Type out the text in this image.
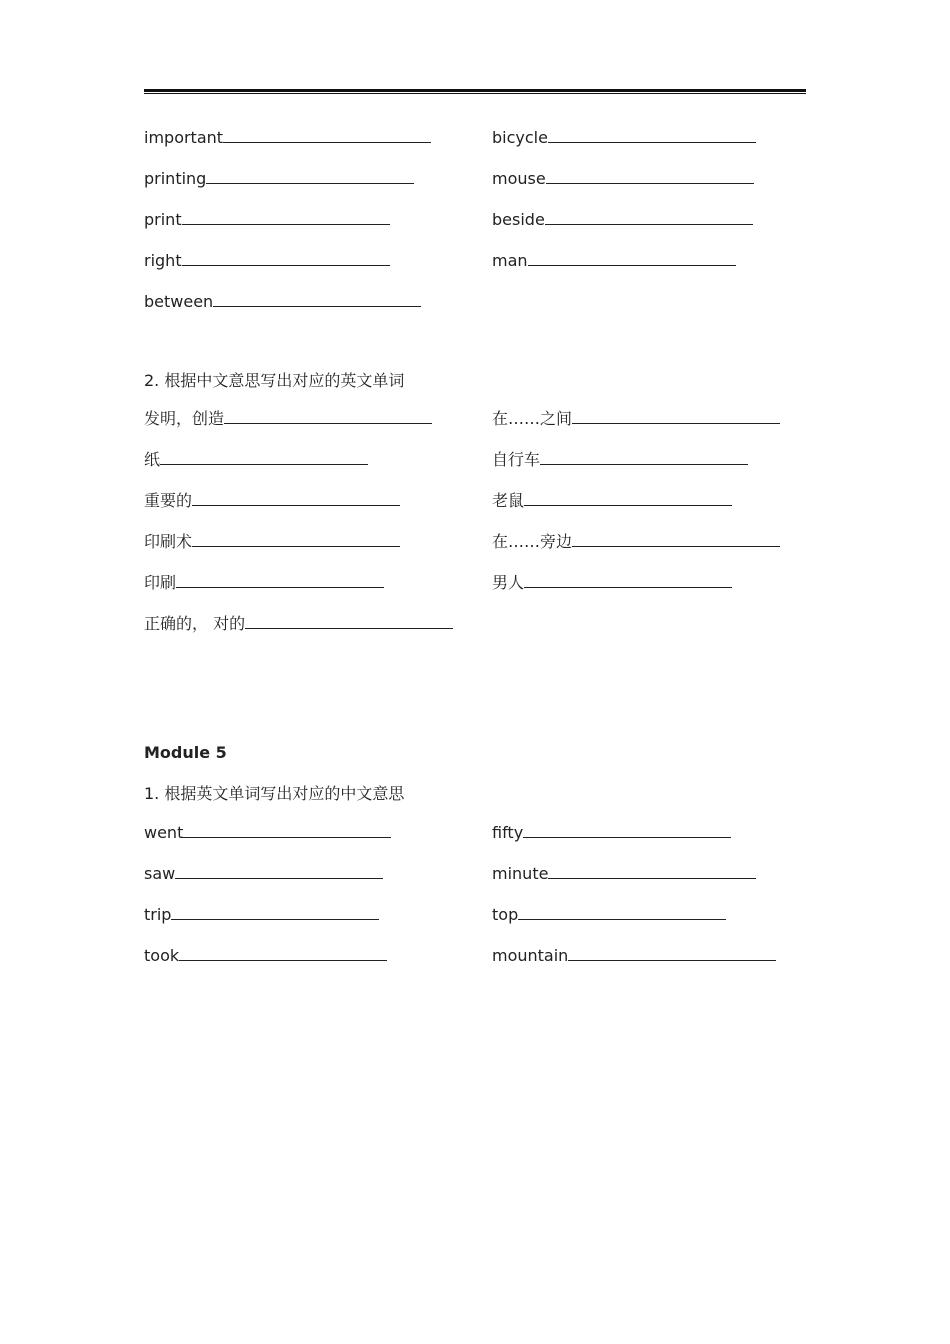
important
printing
print
right
between
bicycle
mouse
beside
man
2. 根据中文意思写出对应的英文单词
发明，创造
纸
重要的
印刷术
印刷
正确的， 对的
在……之间
自行车
老鼠
在……旁边
男人
Module 5
1. 根据英文单词写出对应的中文意思
went
saw
trip
took
fifty
minute
top
mountain
